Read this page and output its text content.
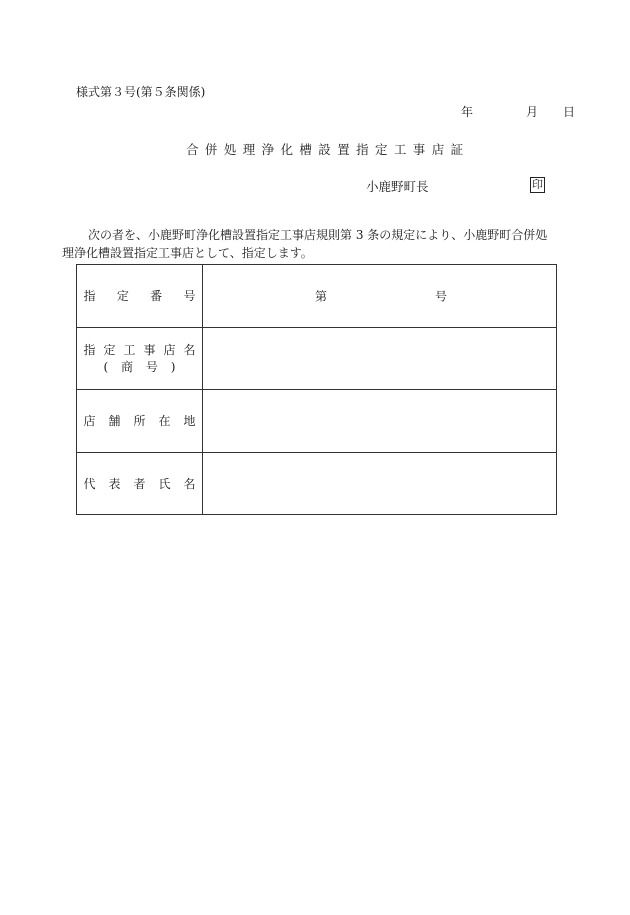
様式第３号(第５条関係)
年	月 日
合併処理浄化槽設置指定工事店証
小鹿野町長	印
次の者を、小鹿野町浄化槽設置指定工事店規則第 3 条の規定により、小鹿野町合併処
理浄化槽設置指定工事店として、指定します。
指定番号	第 号

指定工事店名
(商号)	
店舗所在地	
代表者氏名	
